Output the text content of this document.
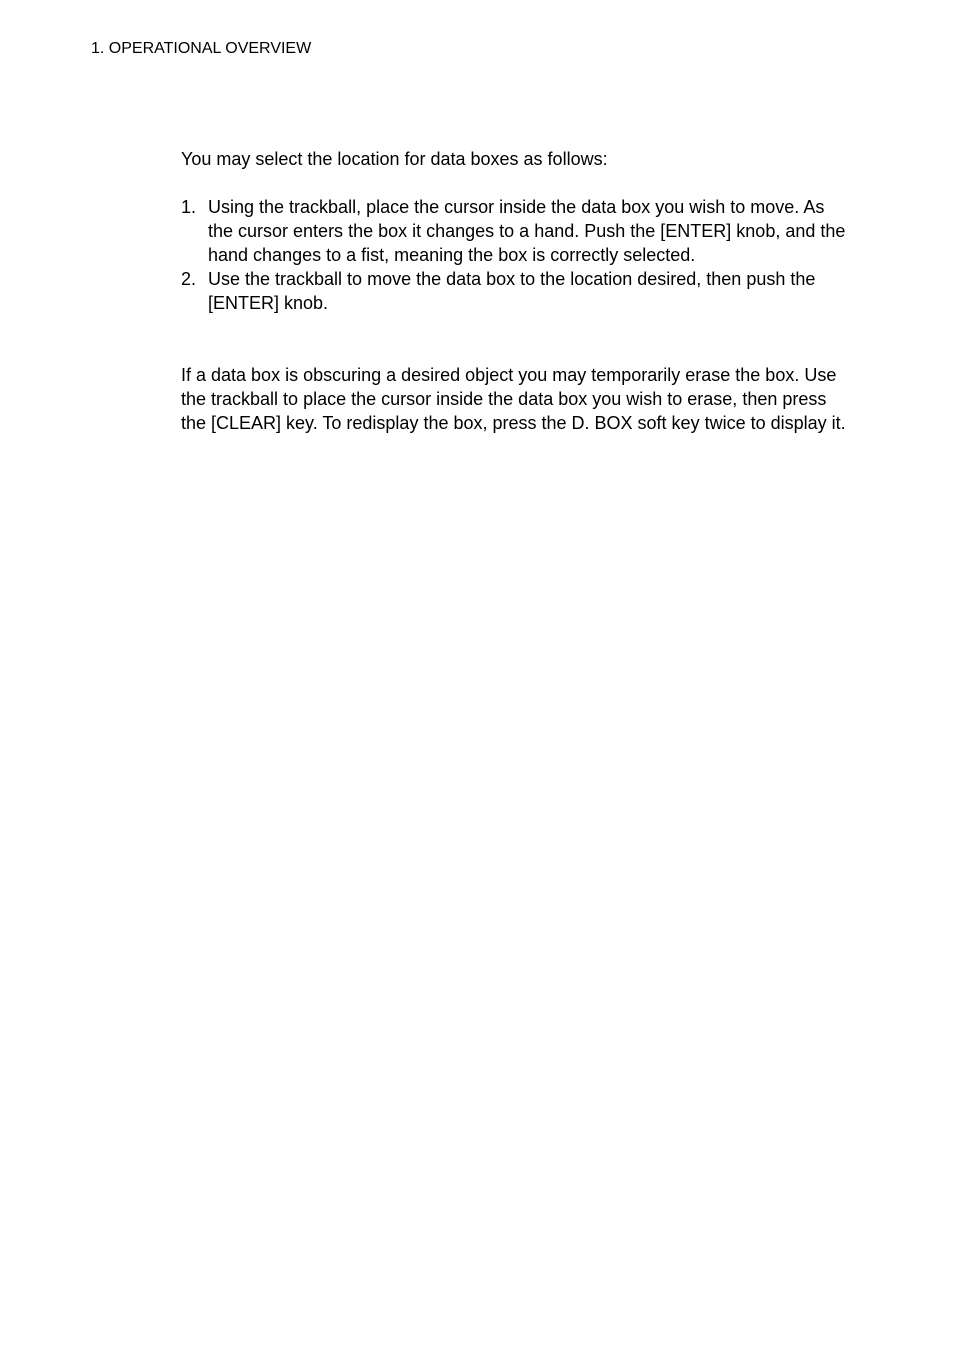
1. OPERATIONAL OVERVIEW

You may select the location for data boxes as follows:

1. Using the trackball, place the cursor inside the data box you wish to move. As the cursor enters the box it changes to a hand. Push the [ENTER] knob, and the hand changes to a fist, meaning the box is correctly selected.
2. Use the trackball to move the data box to the location desired, then push the [ENTER] knob.

If a data box is obscuring a desired object you may temporarily erase the box. Use the trackball to place the cursor inside the data box you wish to erase, then press the [CLEAR] key. To redisplay the box, press the D. BOX soft key twice to display it.
